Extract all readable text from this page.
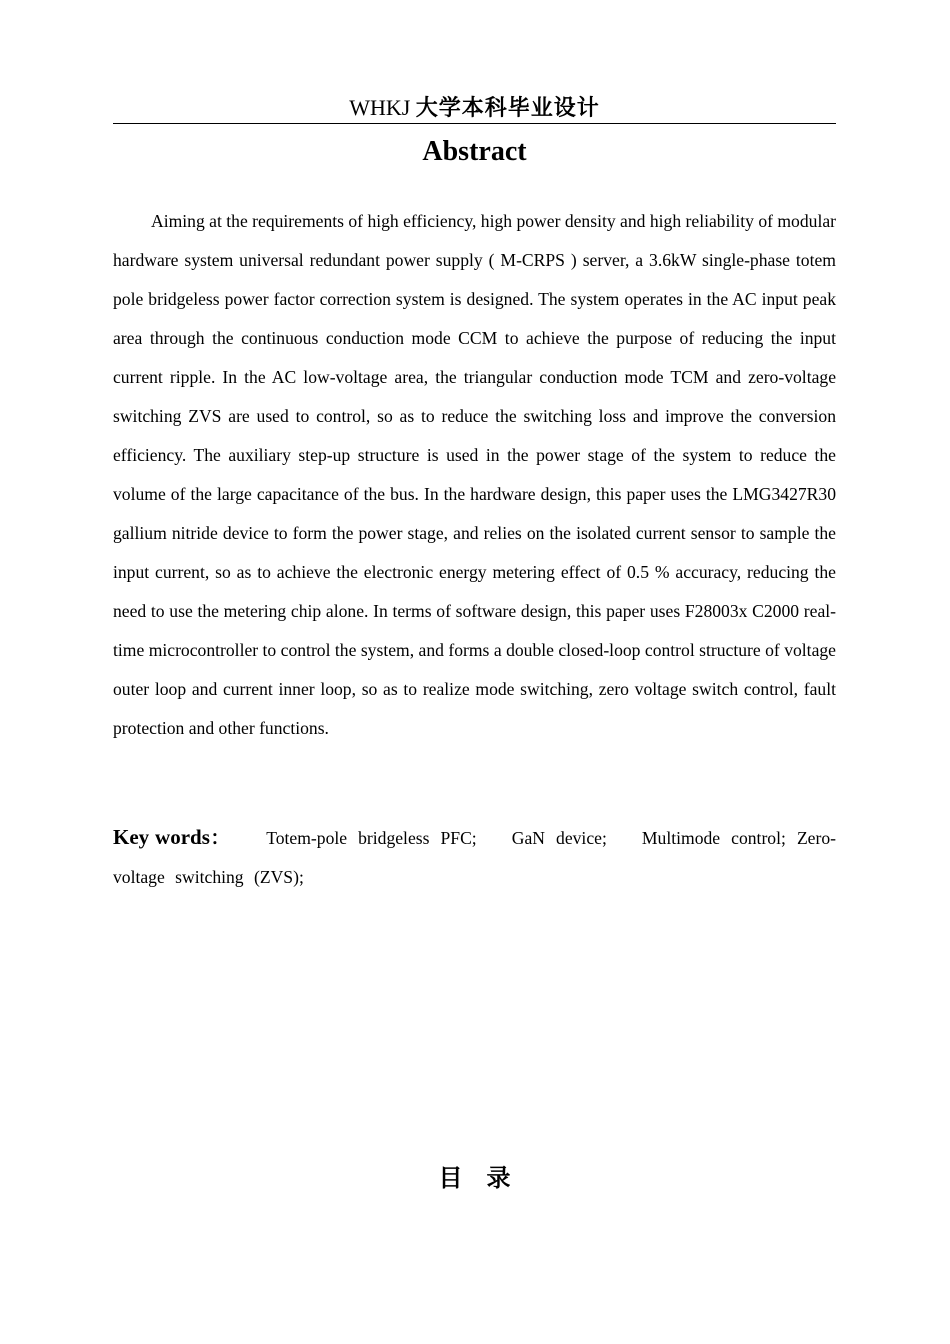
WHKJ 大学本科毕业设计
Abstract

Aiming at the requirements of high efficiency, high power density and high reliability of modular hardware system universal redundant power supply ( M-CRPS ) server, a 3.6kW single-phase totem pole bridgeless power factor correction system is designed. The system operates in the AC input peak area through the continuous conduction mode CCM to achieve the purpose of reducing the input current ripple. In the AC low-voltage area, the triangular conduction mode TCM and zero-voltage switching ZVS are used to control, so as to reduce the switching loss and improve the conversion efficiency. The auxiliary step-up structure is used in the power stage of the system to reduce the volume of the large capacitance of the bus. In the hardware design, this paper uses the LMG3427R30 gallium nitride device to form the power stage, and relies on the isolated current sensor to sample the input current, so as to achieve the electronic energy metering effect of 0.5 % accuracy, reducing the need to use the metering chip alone. In terms of software design, this paper uses F28003x C2000 real-time microcontroller to control the system, and forms a double closed-loop control structure of voltage outer loop and current inner loop, so as to realize mode switching, zero voltage switch control, fault protection and other functions.

Key words： Totem-pole bridgeless PFC; GaN device; Multimode control; Zero-voltage switching (ZVS);

目录
